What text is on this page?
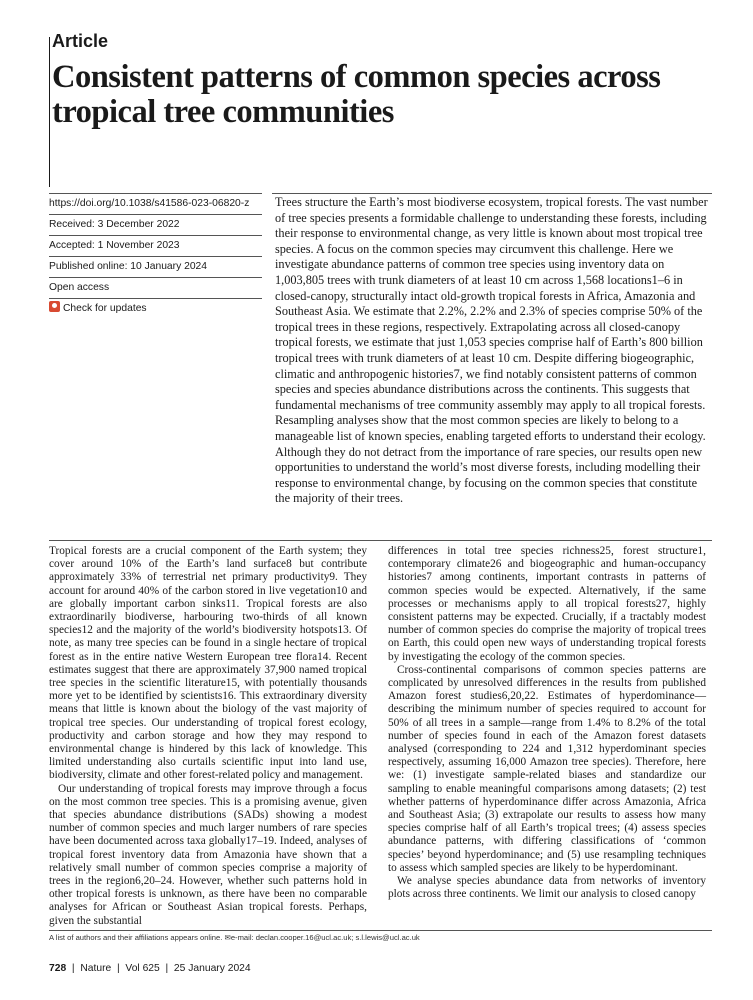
Article
Consistent patterns of common species across tropical tree communities
https://doi.org/10.1038/s41586-023-06820-z
Received: 3 December 2022
Accepted: 1 November 2023
Published online: 10 January 2024
Open access
Check for updates
Trees structure the Earth’s most biodiverse ecosystem, tropical forests. The vast number of tree species presents a formidable challenge to understanding these forests, including their response to environmental change, as very little is known about most tropical tree species. A focus on the common species may circumvent this challenge. Here we investigate abundance patterns of common tree species using inventory data on 1,003,805 trees with trunk diameters of at least 10 cm across 1,568 locations1–6 in closed-canopy, structurally intact old-growth tropical forests in Africa, Amazonia and Southeast Asia. We estimate that 2.2%, 2.2% and 2.3% of species comprise 50% of the tropical trees in these regions, respectively. Extrapolating across all closed-canopy tropical forests, we estimate that just 1,053 species comprise half of Earth’s 800 billion tropical trees with trunk diameters of at least 10 cm. Despite differing biogeographic, climatic and anthropogenic histories7, we find notably consistent patterns of common species and species abundance distributions across the continents. This suggests that fundamental mechanisms of tree community assembly may apply to all tropical forests. Resampling analyses show that the most common species are likely to belong to a manageable list of known species, enabling targeted efforts to understand their ecology. Although they do not detract from the importance of rare species, our results open new opportunities to understand the world’s most diverse forests, including modelling their response to environmental change, by focusing on the common species that constitute the majority of their trees.

Tropical forests are a crucial component of the Earth system; they cover around 10% of the Earth’s land surface8 but contribute approximately 33% of terrestrial net primary productivity9. They account for around 40% of the carbon stored in live vegetation10 and are globally important carbon sinks11. Tropical forests are also extraordinarily biodiverse, harbouring two-thirds of all known species12 and the majority of the world’s biodiversity hotspots13. Of note, as many tree species can be found in a single hectare of tropical forest as in the entire native Western European tree flora14. Recent estimates suggest that there are approximately 37,900 named tropical tree species in the scientific literature15, with potentially thousands more yet to be identified by scientists16. This extraordinary diversity means that little is known about the biology of the vast majority of tropical tree species. Our understanding of tropical forest ecology, productivity and carbon storage and how they may respond to environmental change is hindered by this lack of knowledge. This limited understanding also curtails scientific input into land use, biodiversity, climate and other forest-related policy and management.

Our understanding of tropical forests may improve through a focus on the most common tree species. This is a promising avenue, given that species abundance distributions (SADs) showing a modest number of common species and much larger numbers of rare species have been documented across taxa globally17–19. Indeed, analyses of tropical forest inventory data from Amazonia have shown that a relatively small number of common species comprise a majority of trees in the region6,20–24. However, whether such patterns hold in other tropical forests is unknown, as there have been no comparable analyses for African or Southeast Asian tropical forests. Perhaps, given the substantial

differences in total tree species richness25, forest structure1, contemporary climate26 and biogeographic and human-occupancy histories7 among continents, important contrasts in patterns of common species would be expected. Alternatively, if the same processes or mechanisms apply to all tropical forests27, highly consistent patterns may be expected. Crucially, if a tractably modest number of common species do comprise the majority of tropical trees on Earth, this could open new ways of understanding tropical forests by investigating the ecology of the common species.

Cross-continental comparisons of common species patterns are complicated by unresolved differences in the results from published Amazon forest studies6,20,22. Estimates of hyperdominance—describing the minimum number of species required to account for 50% of all trees in a sample—range from 1.4% to 8.2% of the total number of species found in each of the Amazon forest datasets analysed (corresponding to 224 and 1,312 hyperdominant species respectively, assuming 16,000 Amazon tree species). Therefore, here we: (1) investigate sample-related biases and standardize our sampling to enable meaningful comparisons among datasets; (2) test whether patterns of hyperdominance differ across Amazonia, Africa and Southeast Asia; (3) extrapolate our results to assess how many species comprise half of all Earth’s tropical trees; (4) assess species abundance patterns, with differing classifications of ‘common species’ beyond hyperdominance; and (5) use resampling techniques to assess which sampled species are likely to be hyperdominant.

We analyse species abundance data from networks of inventory plots across three continents. We limit our analysis to closed canopy

A list of authors and their affiliations appears online. ✉e-mail: declan.cooper.16@ucl.ac.uk; s.l.lewis@ucl.ac.uk
728  |  Nature  |  Vol 625  |  25 January 2024
